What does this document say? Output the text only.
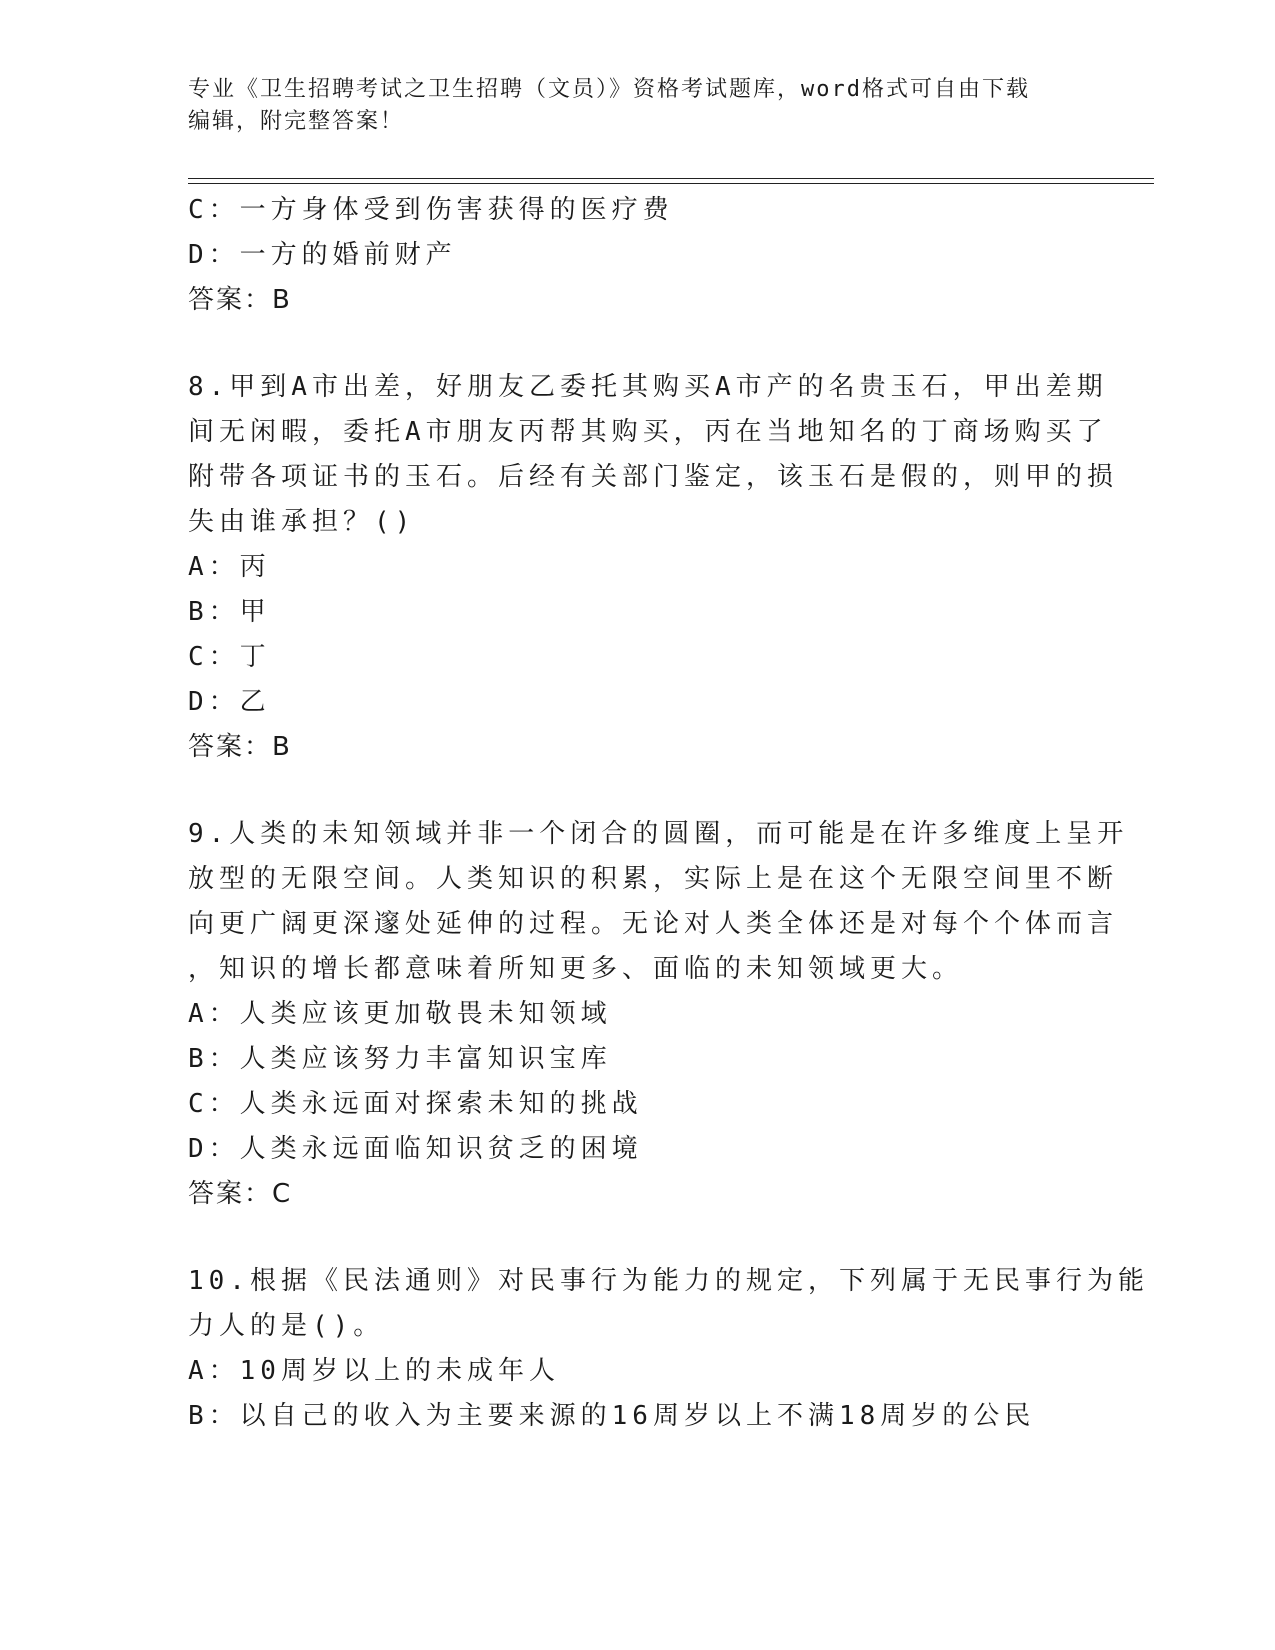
专业《卫生招聘考试之卫生招聘（文员）》资格考试题库，word格式可自由下载
编辑，附完整答案！
C：一方身体受到伤害获得的医疗费
D：一方的婚前财产
答案：B
8.甲到A市出差，好朋友乙委托其购买A市产的名贵玉石，甲出差期
间无闲暇，委托A市朋友丙帮其购买，丙在当地知名的丁商场购买了
附带各项证书的玉石。后经有关部门鉴定，该玉石是假的，则甲的损
失由谁承担？()
A：丙
B：甲
C：丁
D：乙
答案：B
9.人类的未知领域并非一个闭合的圆圈，而可能是在许多维度上呈开
放型的无限空间。人类知识的积累，实际上是在这个无限空间里不断
向更广阔更深邃处延伸的过程。无论对人类全体还是对每个个体而言
，知识的增长都意味着所知更多、面临的未知领域更大。
A：人类应该更加敬畏未知领域
B：人类应该努力丰富知识宝库
C：人类永远面对探索未知的挑战
D：人类永远面临知识贫乏的困境
答案：C
10.根据《民法通则》对民事行为能力的规定，下列属于无民事行为能
力人的是()。
A：10周岁以上的未成年人
B：以自己的收入为主要来源的16周岁以上不满18周岁的公民
